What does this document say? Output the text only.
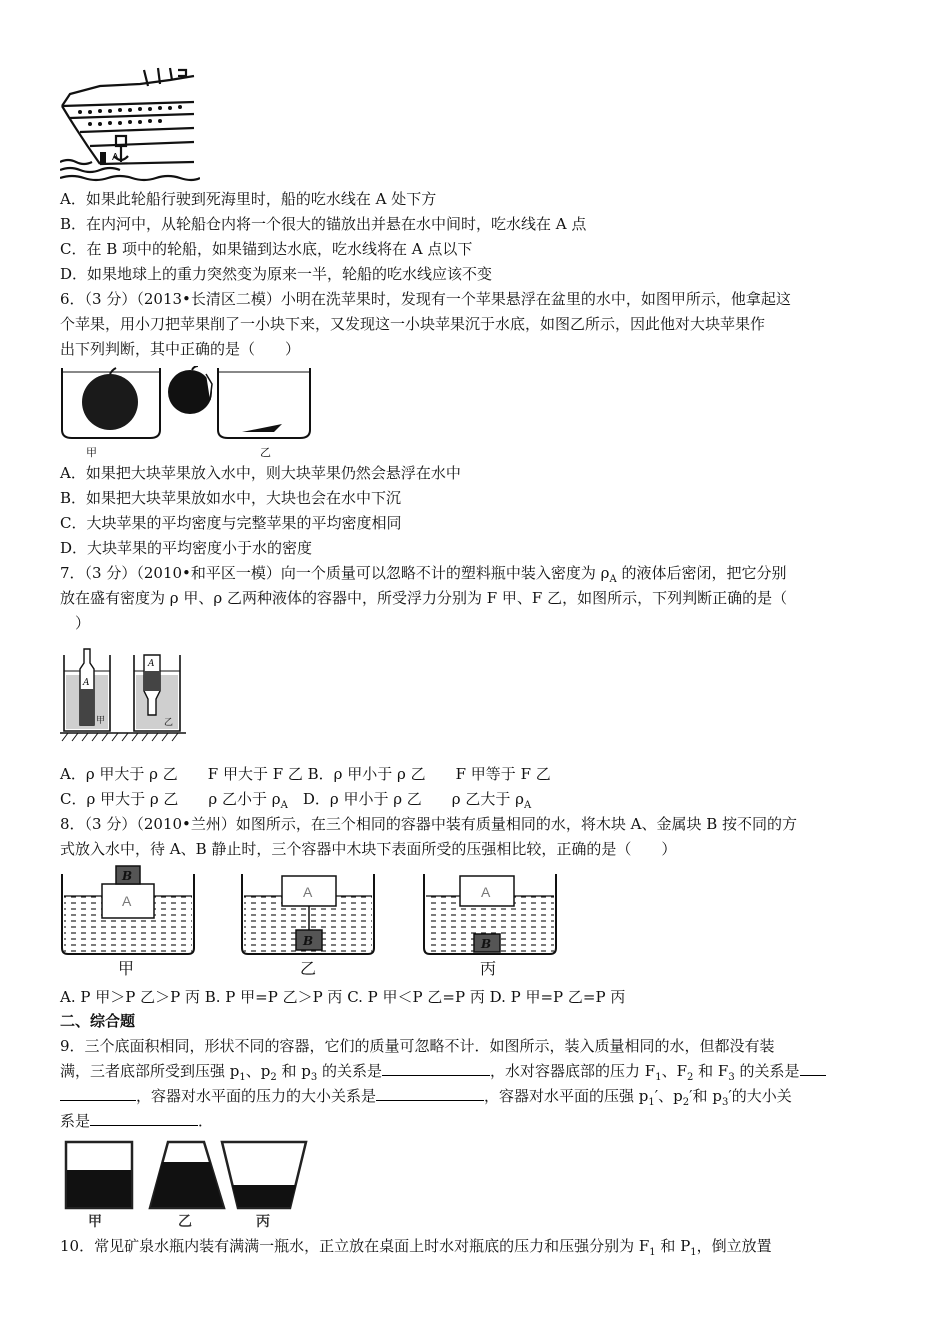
A
A．如果此轮船行驶到死海里时，船的吃水线在 A 处下方
B．在内河中，从轮船仓内将一个很大的锚放出并悬在水中间时，吃水线在 A 点
C．在 B 项中的轮船，如果锚到达水底，吃水线将在 A 点以下
D．如果地球上的重力突然变为原来一半，轮船的吃水线应该不变
6．（3 分）（2013•长清区二模）小明在洗苹果时，发现有一个苹果悬浮在盆里的水中，如图甲所示，他拿起这
个苹果，用小刀把苹果削了一小块下来，又发现这一小块苹果沉于水底，如图乙所示，因此他对大块苹果作
出下列判断，其中正确的是（　　）
甲	乙
A．如果把大块苹果放入水中，则大块苹果仍然会悬浮在水中
B．如果把大块苹果放如水中，大块也会在水中下沉
C．大块苹果的平均密度与完整苹果的平均密度相同
D．大块苹果的平均密度小于水的密度
7．（3 分）（2010•和平区一模）向一个质量可以忽略不计的塑料瓶中装入密度为 $\rho_A$ 的液体后密闭，把它分别
放在盛有密度为 ρ 甲、ρ 乙两种液体的容器中，所受浮力分别为 F 甲、F 乙，如图所示，下列判断正确的是（
　）
A
A
甲	乙
A．ρ 甲大于 ρ 乙　　F 甲大于 F 乙 B．ρ 甲小于 ρ 乙　　F 甲等于 F 乙
C．ρ 甲大于 ρ 乙　　ρ 乙小于 $\rho_A$　D．ρ 甲小于 ρ 乙　　ρ 乙大于 $\rho_A$
8．（3 分）（2010•兰州）如图所示，在三个相同的容器中装有质量相同的水，将木块 A、金属块 B 按不同的方
式放入水中，待 A、B 静止时，三个容器中木块下表面所受的压强相比较，正确的是（　　）
A
B
A
B
A
B
甲	乙	丙
A. P 甲＞P 乙＞P 丙 B. P 甲=P 乙＞P 丙 C. P 甲＜P 乙=P 丙 D. P 甲=P 乙=P 丙
二、综合题
9．三个底面积相同，形状不同的容器，它们的质量可忽略不计．如图所示，装入质量相同的水，但都没有装
满，三者底部所受到压强 $p_1$、$p_2$ 和 $p_3$ 的关系是	，水对容器底部的压力 $F_1$、$F_2$ 和 $F_3$ 的关系是
，容器对水平面的压力的大小关系是	，容器对水平面的压强 $p_1'$、$p_2'$和 $p_3'$的大小关
系是	．
甲	乙	丙
10．常见矿泉水瓶内装有满满一瓶水，正立放在桌面上时水对瓶底的压力和压强分别为 $F_1$ 和 $P_1$，倒立放置
